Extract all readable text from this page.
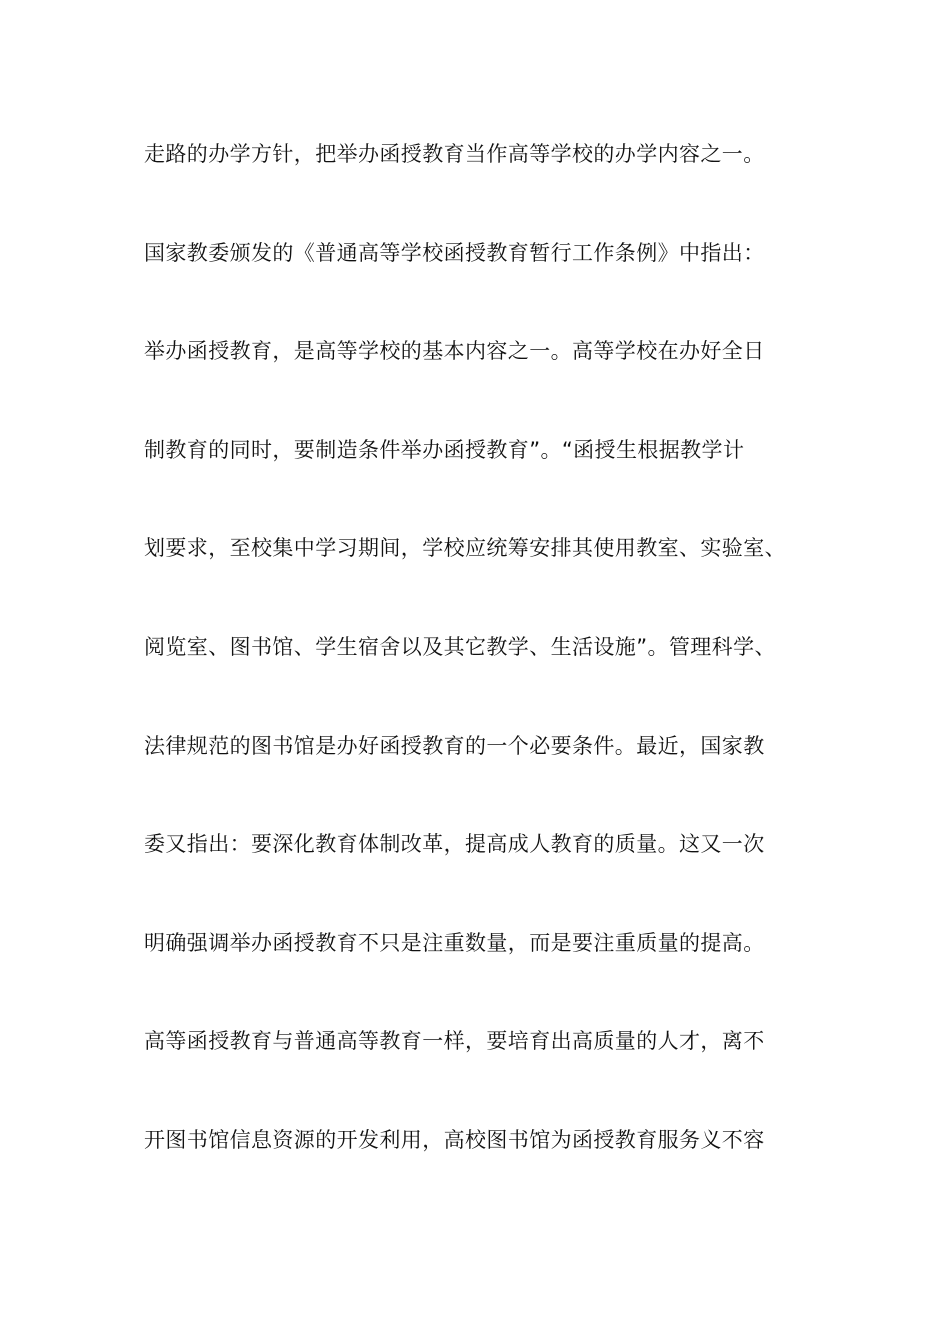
走路的办学方针，把举办函授教育当作高等学校的办学内容之一。
国家教委颁发的《普通高等学校函授教育暂行工作条例》中指出：
举办函授教育，是高等学校的基本内容之一。高等学校在办好全日
制教育的同时，要制造条件举办函授教育”。“函授生根据教学计
划要求，至校集中学习期间，学校应统筹安排其使用教室、实验室、
阅览室、图书馆、学生宿舍以及其它教学、生活设施”。管理科学、
法律规范的图书馆是办好函授教育的一个必要条件。最近，国家教
委又指出：要深化教育体制改革，提高成人教育的质量。这又一次
明确强调举办函授教育不只是注重数量，而是要注重质量的提高。
高等函授教育与普通高等教育一样，要培育出高质量的人才，离不
开图书馆信息资源的开发利用，高校图书馆为函授教育服务义不容
